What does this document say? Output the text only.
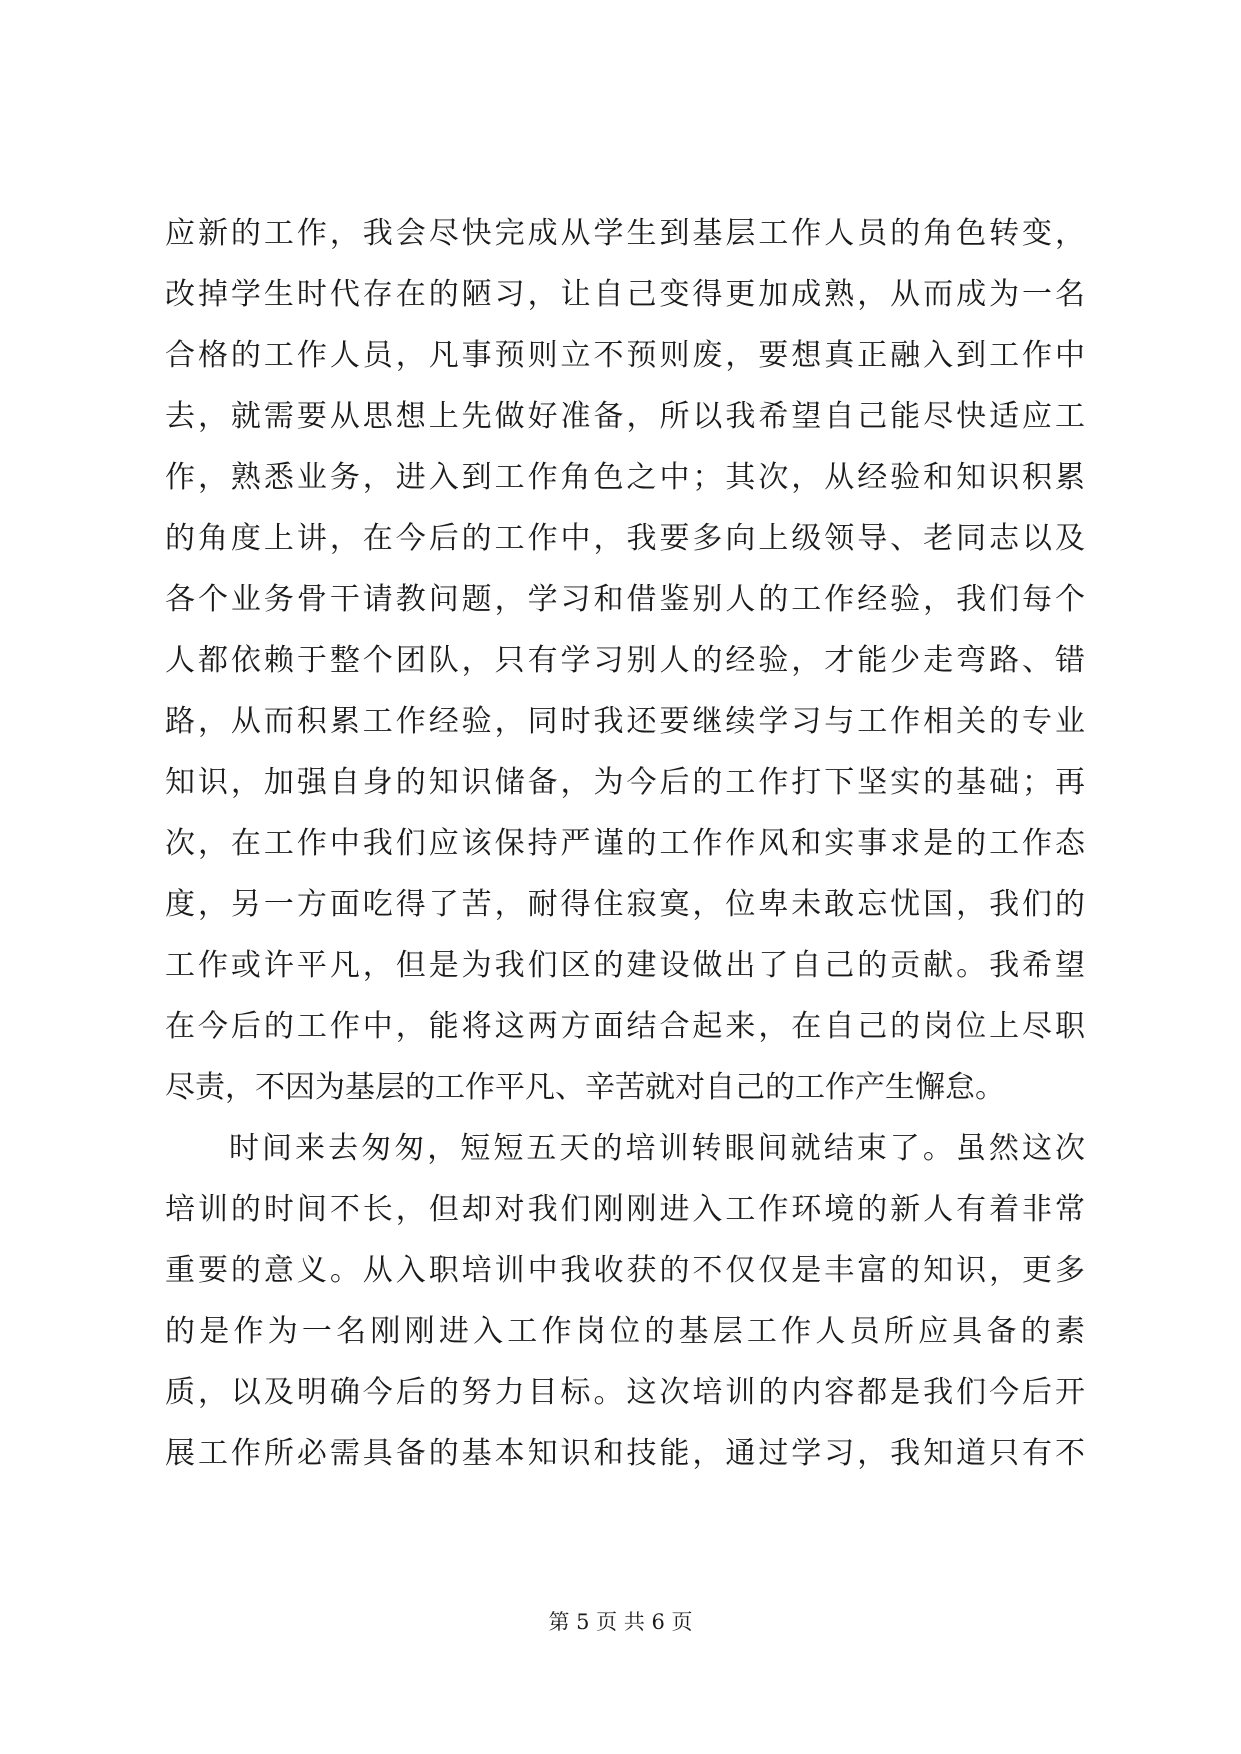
应新的工作，我会尽快完成从学生到基层工作人员的角色转变，
改掉学生时代存在的陋习，让自己变得更加成熟，从而成为一名
合格的工作人员，凡事预则立不预则废，要想真正融入到工作中
去，就需要从思想上先做好准备，所以我希望自己能尽快适应工
作，熟悉业务，进入到工作角色之中；其次，从经验和知识积累
的角度上讲，在今后的工作中，我要多向上级领导、老同志以及
各个业务骨干请教问题，学习和借鉴别人的工作经验，我们每个
人都依赖于整个团队，只有学习别人的经验，才能少走弯路、错
路，从而积累工作经验，同时我还要继续学习与工作相关的专业
知识，加强自身的知识储备，为今后的工作打下坚实的基础；再
次，在工作中我们应该保持严谨的工作作风和实事求是的工作态
度，另一方面吃得了苦，耐得住寂寞，位卑未敢忘忧国，我们的
工作或许平凡，但是为我们区的建设做出了自己的贡献。我希望
在今后的工作中，能将这两方面结合起来，在自己的岗位上尽职
尽责，不因为基层的工作平凡、辛苦就对自己的工作产生懈怠。
时间来去匆匆，短短五天的培训转眼间就结束了。虽然这次
培训的时间不长，但却对我们刚刚进入工作环境的新人有着非常
重要的意义。从入职培训中我收获的不仅仅是丰富的知识，更多
的是作为一名刚刚进入工作岗位的基层工作人员所应具备的素
质，以及明确今后的努力目标。这次培训的内容都是我们今后开
展工作所必需具备的基本知识和技能，通过学习，我知道只有不
第 5 页 共 6 页
